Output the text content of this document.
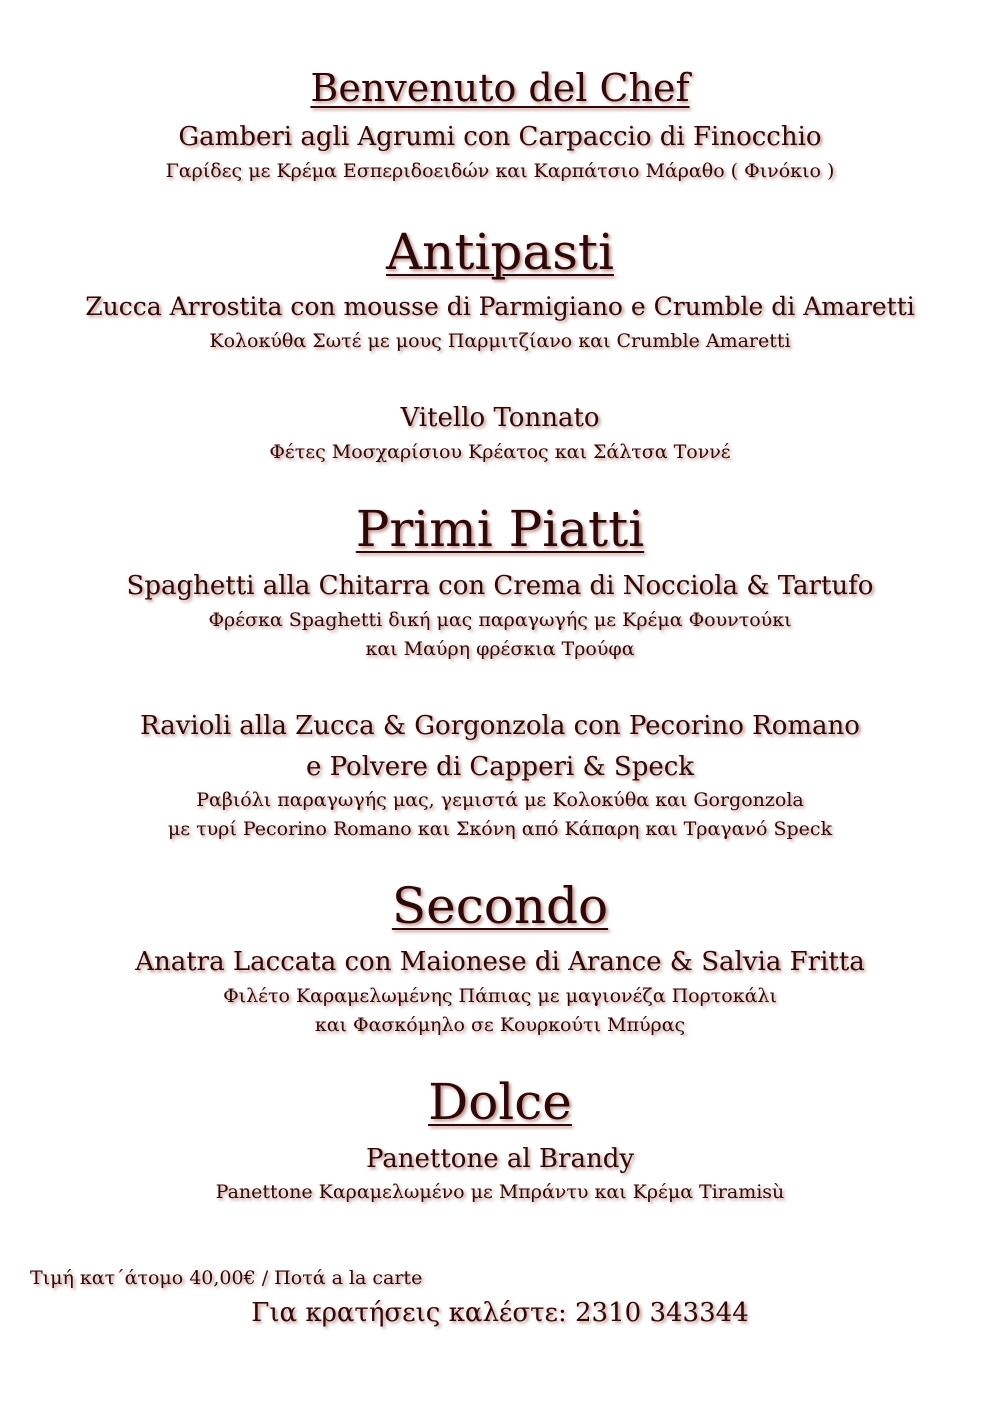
Benvenuto del Chef
Gamberi agli Agrumi con Carpaccio di Finocchio
Γαρίδες με Κρέμα Εσπεριδοειδών και Καρπάτσιο Μάραθο ( Φινόκιο )
Antipasti
Zucca Arrostita con mousse di Parmigiano e Crumble di Amaretti
Κολοκύθα Σωτέ με μους Παρμιτζίανο και Crumble Amaretti
Vitello Tonnato
Φέτες Μοσχαρίσιου Κρέατος και Σάλτσα Τοννέ
Primi Piatti
Spaghetti alla Chitarra con Crema di Nocciola & Tartufo
Φρέσκα Spaghetti δική μας παραγωγής με Κρέμα Φουντούκι
και Μαύρη φρέσκια Τρούφα
Ravioli alla Zucca & Gorgonzola con Pecorino Romano
e Polvere di Capperi & Speck
Ραβιόλι παραγωγής μας, γεμιστά με Κολοκύθα και Gorgonzola
με τυρί Pecorino Romano και Σκόνη από Κάπαρη και Τραγανό Speck
Secondo
Anatra Laccata con Maionese di Arance & Salvia Fritta
Φιλέτο Καραμελωμένης Πάπιας με μαγιονέζα Πορτοκάλι
και Φασκόμηλο σε Κουρκούτι Μπύρας
Dolce
Panettone al Brandy
Panettone Καραμελωμένο με Μπράντυ και Κρέμα Tiramisù
Τιμή κατ΄άτομο 40,00€ / Ποτά a la carte
Για κρατήσεις καλέστε: 2310 343344
